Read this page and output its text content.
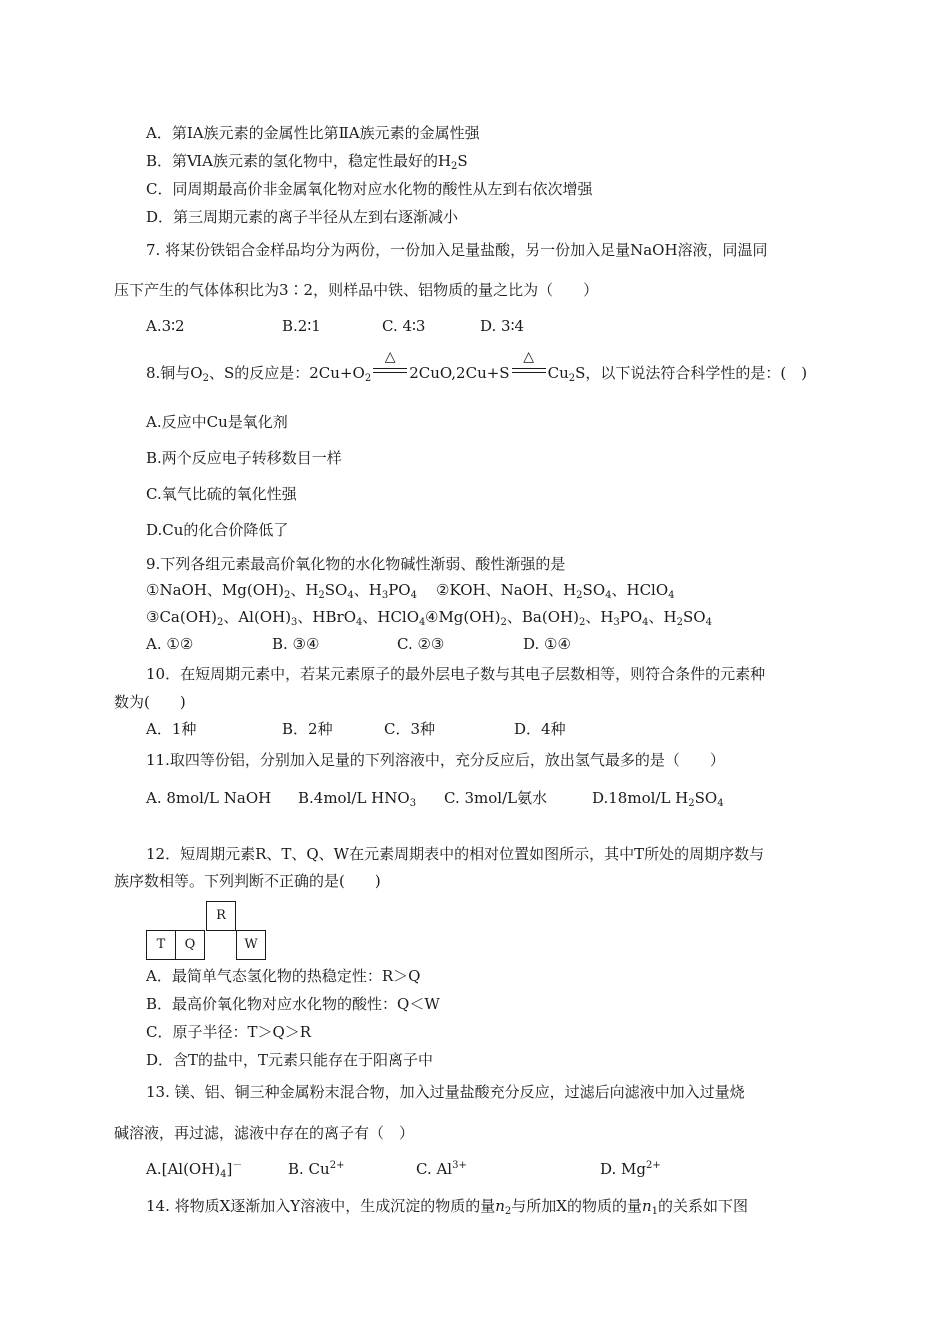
A．第ⅠA族元素的金属性比第ⅡA族元素的金属性强
B．第ⅥA族元素的氢化物中，稳定性最好的$H_2S$
C．同周期最高价非金属氧化物对应水化物的酸性从左到右依次增强
D．第三周期元素的离子半径从左到右逐渐减小
7. 将某份铁铝合金样品均分为两份，一份加入足量盐酸，另一份加入足量NaOH溶液，同温同
压下产生的气体体积比为3∶2，则样品中铁、铝物质的量之比为（　　）
A.3∶2	B.2∶1	C. 4∶3	D. 3∶4
8.铜与$O_2$、S的反应是：$2Cu+O_2$
△
2CuO,2Cu+S
△
$Cu_2S$，以下说法符合科学性的是：(　)
A.反应中Cu是氧化剂
B.两个反应电子转移数目一样
C.氧气比硫的氧化性强
D.Cu的化合价降低了
9.下列各组元素最高价氧化物的水化物碱性渐弱、酸性渐强的是
①NaOH、$Mg(OH)_2$、$H_2SO_4$、$H_3PO_4$ ②KOH、NaOH、$H_2SO_4$、HClO$_4$
$③Ca(OH)_2$、$Al(OH)_3$、HBrO$_4$、HClO$_4$ $④Mg(OH)_2$、$Ba(OH)_2$、$H_3PO_4$、$H_2SO_4$
A. ①②	B. ③④	C. ②③	D. ①④
10．在短周期元素中，若某元素原子的最外层电子数与其电子层数相等，则符合条件的元素种
数为(　　)
A．1种	B．2种	C．3种	D．4种
11.取四等份铝，分别加入足量的下列溶液中，充分反应后，放出氢气最多的是（　　）
A. 8mol/L NaOH B.4mol/L $HNO_3$ C. 3mol/L氨水	D.18mol/L $H_2SO_4$
12．短周期元素R、T、Q、W在元素周期表中的相对位置如图所示，其中T所处的周期序数与
族序数相等。下列判断不正确的是(　　)
R
T	Q	W
A．最简单气态氢化物的热稳定性：R＞Q
B．最高价氧化物对应水化物的酸性：Q＜W
C．原子半径：T＞Q＞R
D．含T的盐中，T元素只能存在于阳离子中
13. 镁、铝、铜三种金属粉末混合物，加入过量盐酸充分反应，过滤后向滤液中加入过量烧
碱溶液，再过滤，滤液中存在的离子有（　）
$A.[Al(OH)_4]^-$	B. $Cu^{2+}$	C. $Al^{3+}$	D. $Mg^{2+}$
14. 将物质X逐渐加入Y溶液中，生成沉淀的物质的量$n_2$与所加X的物质的量$n_1$的关系如下图
